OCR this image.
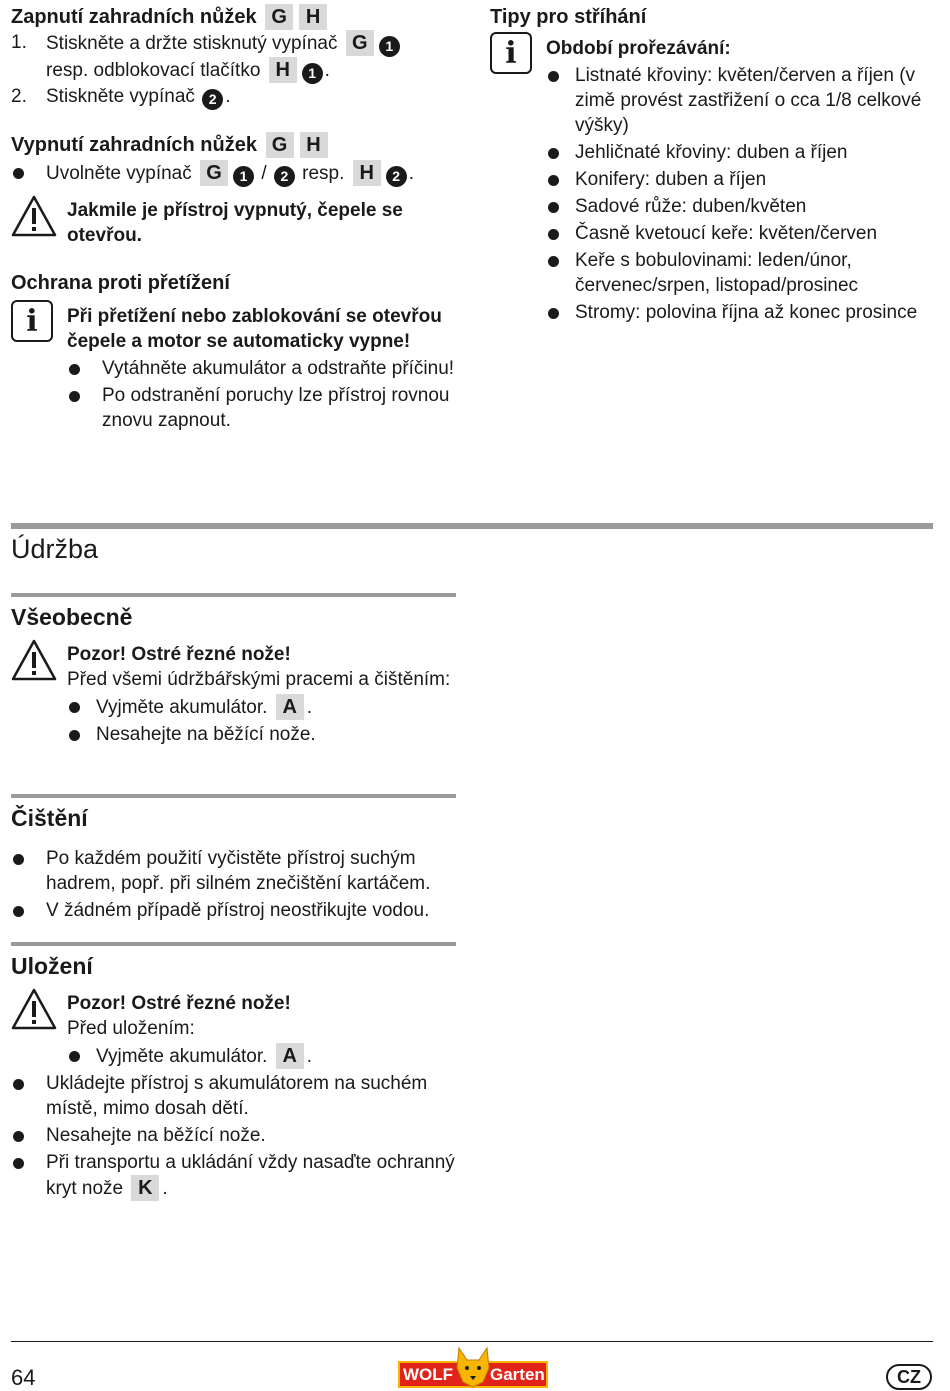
Zapnutí zahradních nůžek G H
1.	Stiskněte a držte stisknutý vypínač G 1
resp. odblokovací tlačítko H 1 .
2.	Stiskněte vypínač 2 .
Vypnutí zahradních nůžek G H
Uvolněte vypínač G 1 / 2 resp. H 2 .
Jakmile je přístroj vypnutý, čepele se otevřou.
Ochrana proti přetížení
i	Při přetížení nebo zablokování se otevřou čepele a motor se automaticky vypne!
Vytáhněte akumulátor a odstraňte příčinu!
Po odstranění poruchy lze přístroj rovnou znovu zapnout.
Tipy pro stříhání
i	Období prořezávání:
Listnaté křoviny: květen/červen a říjen (v zimě provést zastřižení o cca 1/8 celkové výšky)
Jehličnaté křoviny: duben a říjen
Konifery: duben a říjen
Sadové růže: duben/květen
Časně kvetoucí keře: květen/červen
Keře s bobulovinami: leden/únor, červenec/srpen, listopad/prosinec
Stromy: polovina října až konec prosince
Údržba
Všeobecně
Pozor! Ostré řezné nože!
Před všemi údržbářskými pracemi a čištěním:
Vyjměte akumulátor. A .
Nesahejte na běžící nože.
Čištění
Po každém použití vyčistěte přístroj suchým hadrem, popř. při silném znečištění kartáčem.
V žádném případě přístroj neostřikujte vodou.
Uložení
Pozor! Ostré řezné nože!
Před uložením:
Vyjměte akumulátor. A .
Ukládejte přístroj s akumulátorem na suchém místě, mimo dosah dětí.
Nesahejte na běžící nože.
Při transportu a ukládání vždy nasaďte ochranný kryt nože K .
64	WOLF Garten	CZ
